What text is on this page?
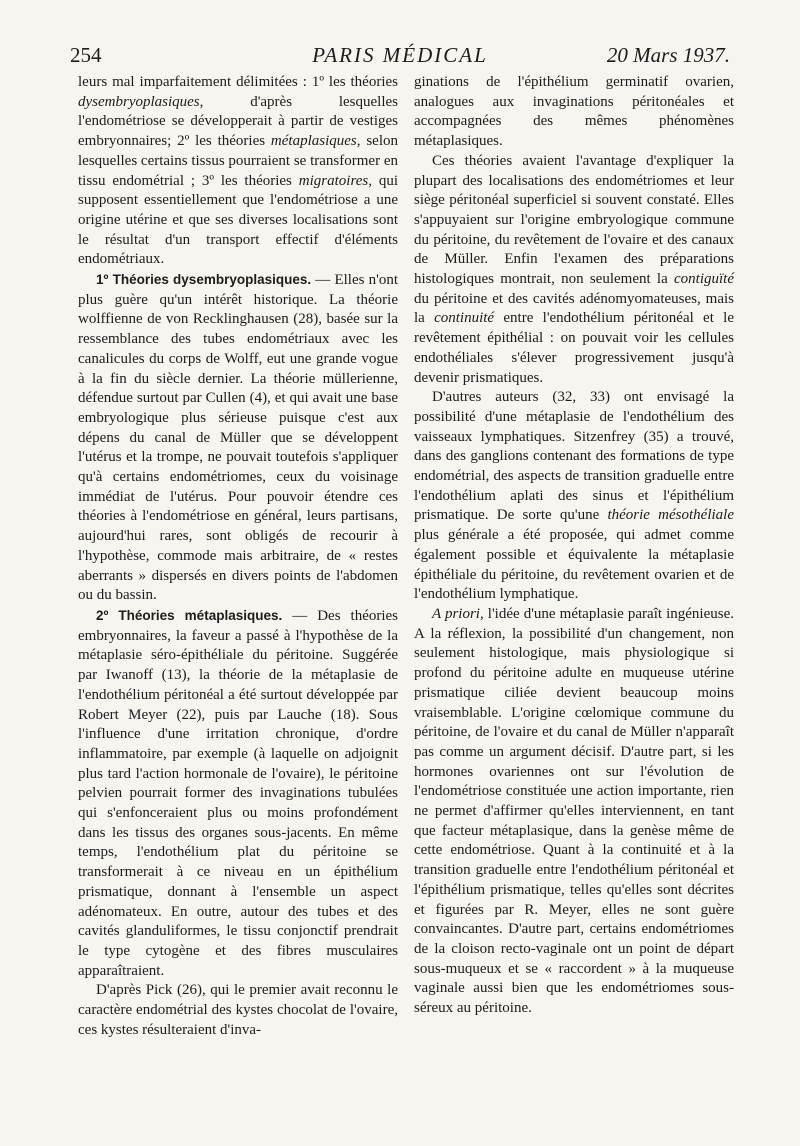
254	PARIS MÉDICAL	20 Mars 1937.

leurs mal imparfaitement délimitées : 1º les théories dysembryoplasiques, d'après lesquelles l'endométriose se développerait à partir de vestiges embryonnaires; 2º les théories métaplasiques, selon lesquelles certains tissus pourraient se transformer en tissu endométrial ; 3º les théories migratoires, qui supposent essentiellement que l'endométriose a une origine utérine et que ses diverses localisations sont le résultat d'un transport effectif d'éléments endométriaux.

1º Théories dysembryoplasiques. — Elles n'ont plus guère qu'un intérêt historique. La théorie wolffienne de von Recklinghausen (28), basée sur la ressemblance des tubes endométriaux avec les canalicules du corps de Wolff, eut une grande vogue à la fin du siècle dernier. La théorie müllerienne, défendue surtout par Cullen (4), et qui avait une base embryologique plus sérieuse puisque c'est aux dépens du canal de Müller que se développent l'utérus et la trompe, ne pouvait toutefois s'appliquer qu'à certains endométriomes, ceux du voisinage immédiat de l'utérus. Pour pouvoir étendre ces théories à l'endométriose en général, leurs partisans, aujourd'hui rares, sont obligés de recourir à l'hypothèse, commode mais arbitraire, de « restes aberrants » dispersés en divers points de l'abdomen ou du bassin.

2º Théories métaplasiques. — Des théories embryonnaires, la faveur a passé à l'hypothèse de la métaplasie séro-épithéliale du péritoine. Suggérée par Iwanoff (13), la théorie de la métaplasie de l'endothélium péritonéal a été surtout développée par Robert Meyer (22), puis par Lauche (18). Sous l'influence d'une irritation chronique, d'ordre inflammatoire, par exemple (à laquelle on adjoignit plus tard l'action hormonale de l'ovaire), le péritoine pelvien pourrait former des invaginations tubulées qui s'enfonceraient plus ou moins profondément dans les tissus des organes sous-jacents. En même temps, l'endothélium plat du péritoine se transformerait à ce niveau en un épithélium prismatique, donnant à l'ensemble un aspect adénomateux. En outre, autour des tubes et des cavités glanduliformes, le tissu conjonctif prendrait le type cytogène et des fibres musculaires apparaîtraient.

D'après Pick (26), qui le premier avait reconnu le caractère endométrial des kystes chocolat de l'ovaire, ces kystes résulteraient d'inva-

ginations de l'épithélium germinatif ovarien, analogues aux invaginations péritonéales et accompagnées des mêmes phénomènes métaplasiques.

Ces théories avaient l'avantage d'expliquer la plupart des localisations des endométriomes et leur siège péritonéal superficiel si souvent constaté. Elles s'appuyaient sur l'origine embryologique commune du péritoine, du revêtement de l'ovaire et des canaux de Müller. Enfin l'examen des préparations histologiques montrait, non seulement la contiguïté du péritoine et des cavités adénomyomateuses, mais la continuité entre l'endothélium péritonéal et le revêtement épithélial : on pouvait voir les cellules endothéliales s'élever progressivement jusqu'à devenir prismatiques.

D'autres auteurs (32, 33) ont envisagé la possibilité d'une métaplasie de l'endothélium des vaisseaux lymphatiques. Sitzenfrey (35) a trouvé, dans des ganglions contenant des formations de type endométrial, des aspects de transition graduelle entre l'endothélium aplati des sinus et l'épithélium prismatique. De sorte qu'une théorie mésothéliale plus générale a été proposée, qui admet comme également possible et équivalente la métaplasie épithéliale du péritoine, du revêtement ovarien et de l'endothélium lymphatique.

A priori, l'idée d'une métaplasie paraît ingénieuse. A la réflexion, la possibilité d'un changement, non seulement histologique, mais physiologique si profond du péritoine adulte en muqueuse utérine prismatique ciliée devient beaucoup moins vraisemblable. L'origine cœlomique commune du péritoine, de l'ovaire et du canal de Müller n'apparaît pas comme un argument décisif. D'autre part, si les hormones ovariennes ont sur l'évolution de l'endométriose constituée une action importante, rien ne permet d'affirmer qu'elles interviennent, en tant que facteur métaplasique, dans la genèse même de cette endométriose. Quant à la continuité et à la transition graduelle entre l'endothélium péritonéal et l'épithélium prismatique, telles qu'elles sont décrites et figurées par R. Meyer, elles ne sont guère convaincantes. D'autre part, certains endométriomes de la cloison recto-vaginale ont un point de départ sous-muqueux et se « raccordent » à la muqueuse vaginale aussi bien que les endométriomes sous-séreux au péritoine.
